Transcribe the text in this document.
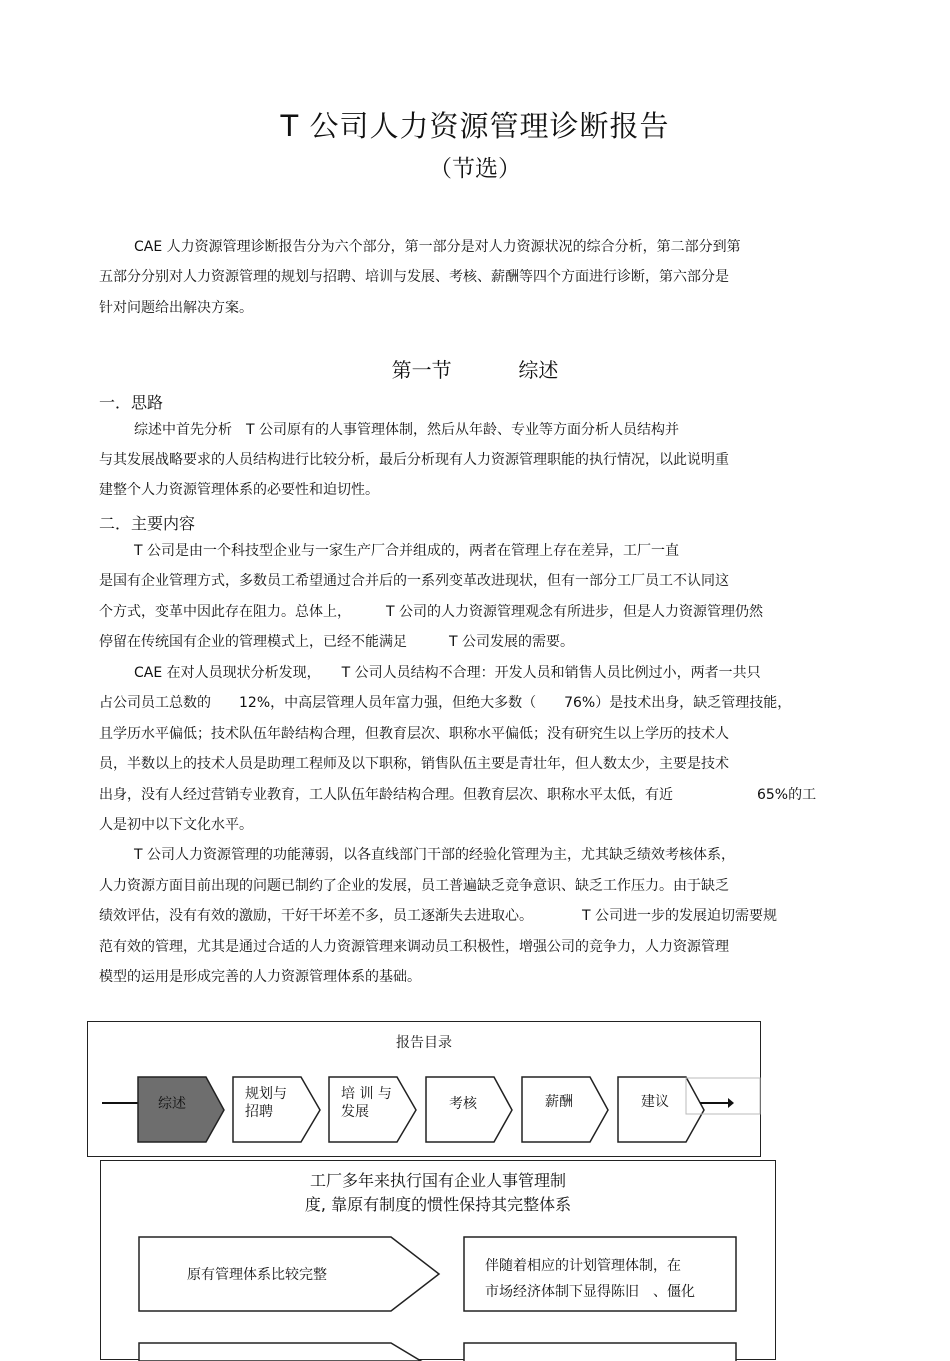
T 公司人力资源管理诊断报告
（节选）
CAE 人力资源管理诊断报告分为六个部分，第一部分是对人力资源状况的综合分析，第二部分到第
五部分分别对人力资源管理的规划与招聘、培训与发展、考核、薪酬等四个方面进行诊断，第六部分是
针对问题给出解决方案。
第一节	综述
一．思路
综述中首先分析　T 公司原有的人事管理体制，然后从年龄、专业等方面分析人员结构并
与其发展战略要求的人员结构进行比较分析，最后分析现有人力资源管理职能的执行情况，以此说明重
建整个人力资源管理体系的必要性和迫切性。
二．主要内容
T 公司是由一个科技型企业与一家生产厂合并组成的，两者在管理上存在差异，工厂一直
是国有企业管理方式，多数员工希望通过合并后的一系列变革改进现状，但有一部分工厂员工不认同这
个方式，变革中因此存在阻力。总体上，　　　T 公司的人力资源管理观念有所进步，但是人力资源管理仍然
停留在传统国有企业的管理模式上，已经不能满足　　　T 公司发展的需要。
CAE 在对人员现状分析发现，　　T 公司人员结构不合理：开发人员和销售人员比例过小，两者一共只
占公司员工总数的　　12%，中高层管理人员年富力强，但绝大多数（　　76%）是技术出身，缺乏管理技能，
且学历水平偏低；技术队伍年龄结构合理，但教育层次、职称水平偏低；没有研究生以上学历的技术人
员，半数以上的技术人员是助理工程师及以下职称，销售队伍主要是青壮年，但人数太少，主要是技术
出身，没有人经过营销专业教育，工人队伍年龄结构合理。但教育层次、职称水平太低，有近　　　　　　65%的工
人是初中以下文化水平。
T 公司人力资源管理的功能薄弱，以各直线部门干部的经验化管理为主，尤其缺乏绩效考核体系，
人力资源方面目前出现的问题已制约了企业的发展，员工普遍缺乏竞争意识、缺乏工作压力。由于缺乏
绩效评估，没有有效的激励，干好干坏差不多，员工逐渐失去进取心。　　　　T 公司进一步的发展迫切需要规
范有效的管理，尤其是通过合适的人力资源管理来调动员工积极性，增强公司的竞争力，人力资源管理
模型的运用是形成完善的人力资源管理体系的基础。
报告目录
综述
规划与
招聘
培 训 与
发展	考核	薪酬	建议
工厂多年来执行国有企业人事管理制
度, 靠原有制度的惯性保持其完整体系
原有管理体系比较完整
伴随着相应的计划管理体制，在
市场经济体制下显得陈旧　、僵化
